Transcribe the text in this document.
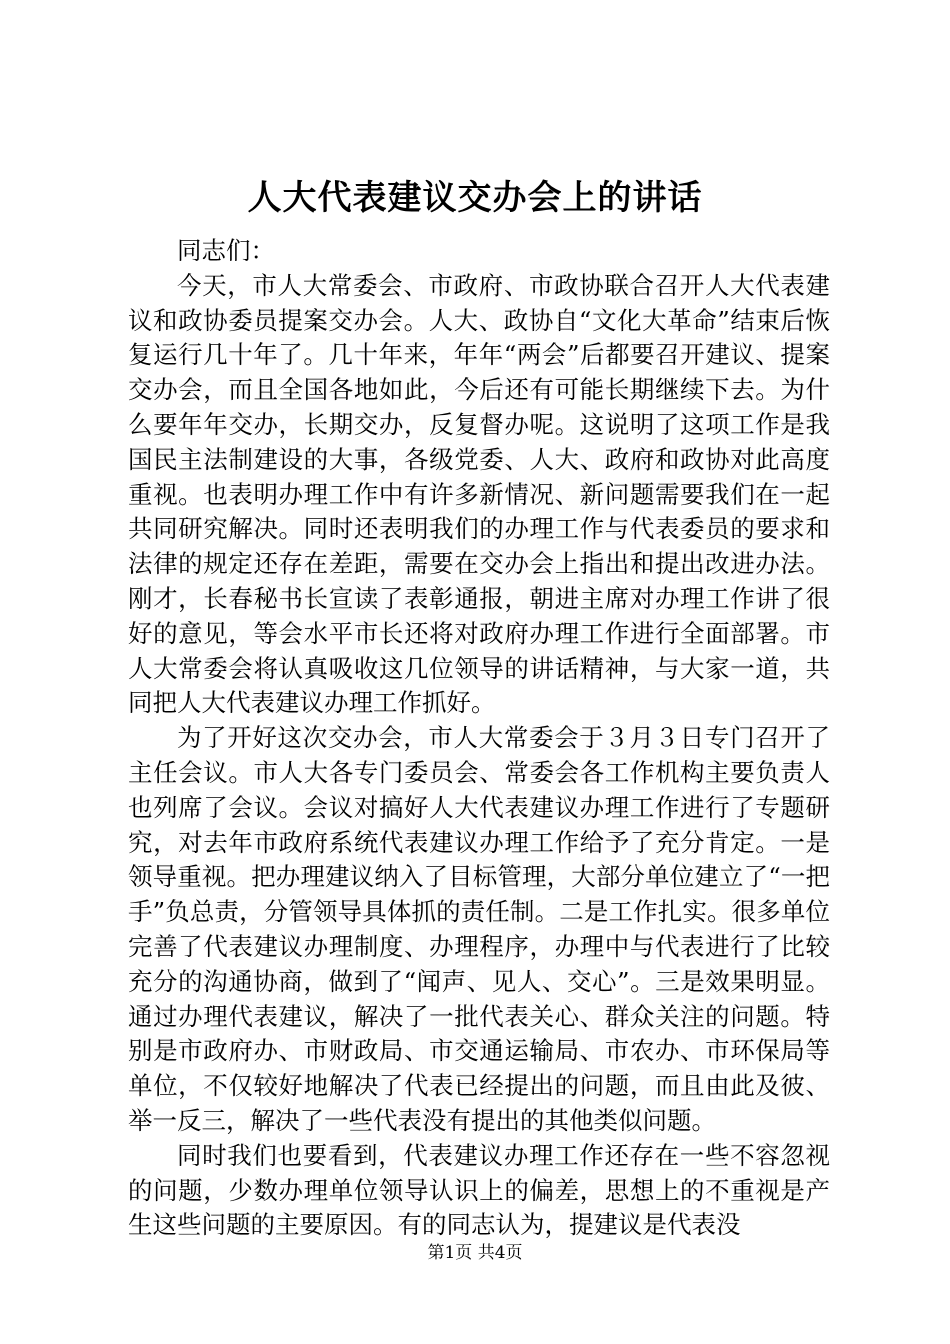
人大代表建议交办会上的讲话

同志们：

今天，市人大常委会、市政府、市政协联合召开人大代表建议和政协委员提案交办会。人大、政协自“文化大革命”结束后恢复运行几十年了。几十年来，年年“两会”后都要召开建议、提案交办会，而且全国各地如此，今后还有可能长期继续下去。为什么要年年交办，长期交办，反复督办呢。这说明了这项工作是我国民主法制建设的大事，各级党委、人大、政府和政协对此高度重视。也表明办理工作中有许多新情况、新问题需要我们在一起共同研究解决。同时还表明我们的办理工作与代表委员的要求和法律的规定还存在差距，需要在交办会上指出和提出改进办法。刚才，长春秘书长宣读了表彰通报，朝进主席对办理工作讲了很好的意见，等会水平市长还将对政府办理工作进行全面部署。市人大常委会将认真吸收这几位领导的讲话精神，与大家一道，共同把人大代表建议办理工作抓好。

为了开好这次交办会，市人大常委会于３月３日专门召开了主任会议。市人大各专门委员会、常委会各工作机构主要负责人也列席了会议。会议对搞好人大代表建议办理工作进行了专题研究，对去年市政府系统代表建议办理工作给予了充分肯定。一是领导重视。把办理建议纳入了目标管理，大部分单位建立了“一把手”负总责，分管领导具体抓的责任制。二是工作扎实。很多单位完善了代表建议办理制度、办理程序，办理中与代表进行了比较充分的沟通协商，做到了“闻声、见人、交心”。三是效果明显。通过办理代表建议，解决了一批代表关心、群众关注的问题。特别是市政府办、市财政局、市交通运输局、市农办、市环保局等单位，不仅较好地解决了代表已经提出的问题，而且由此及彼、举一反三，解决了一些代表没有提出的其他类似问题。

同时我们也要看到，代表建议办理工作还存在一些不容忽视的问题，少数办理单位领导认识上的偏差，思想上的不重视是产生这些问题的主要原因。有的同志认为，提建议是代表没

第1页 共4页
